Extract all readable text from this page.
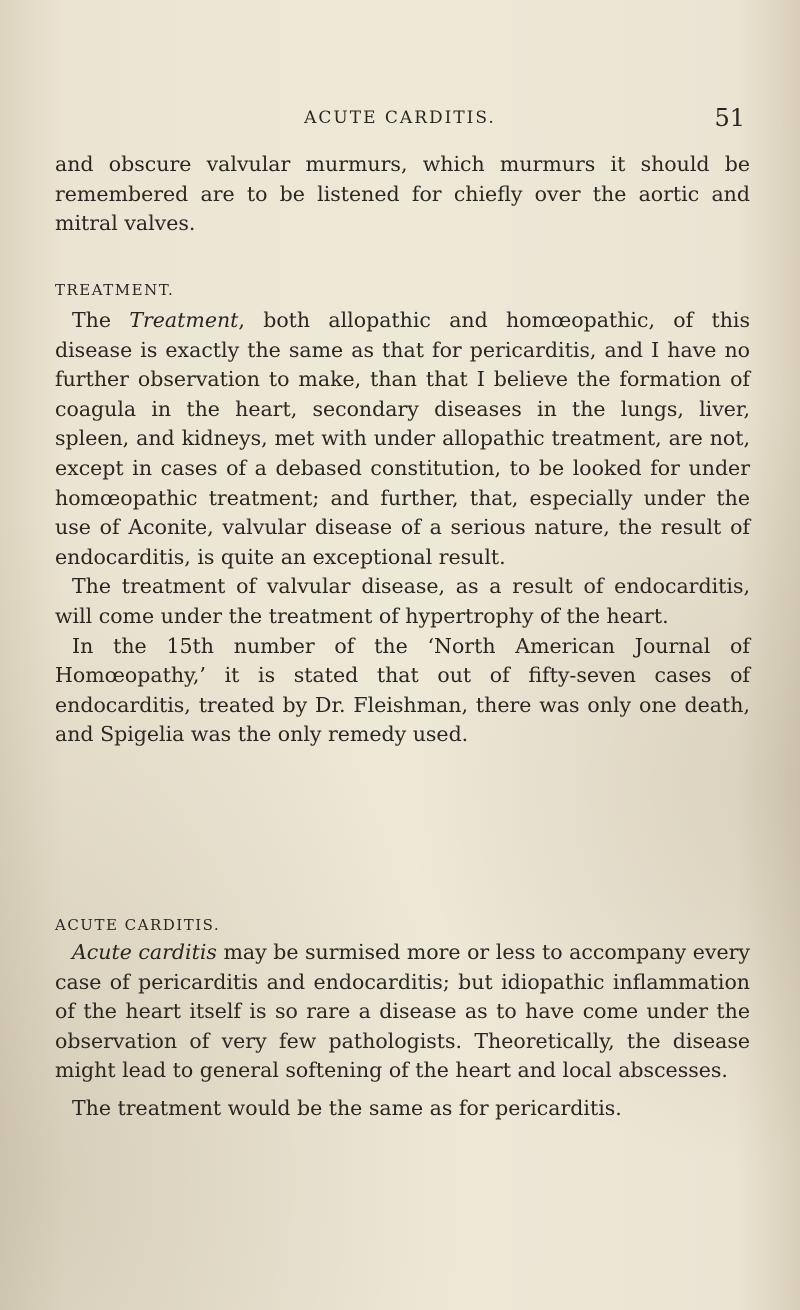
ACUTE CARDITIS.	51

and obscure valvular murmurs, which murmurs it should be remembered are to be listened for chiefly over the aortic and mitral valves.

TREATMENT.

The Treatment, both allopathic and homœopathic, of this disease is exactly the same as that for pericarditis, and I have no further observation to make, than that I believe the formation of coagula in the heart, secondary diseases in the lungs, liver, spleen, and kidneys, met with under allopathic treatment, are not, except in cases of a debased constitution, to be looked for under homœopathic treatment; and further, that, especially under the use of Aconite, valvular disease of a serious nature, the result of endocarditis, is quite an exceptional result.

The treatment of valvular disease, as a result of endocarditis, will come under the treatment of hypertrophy of the heart.

In the 15th number of the ‘North American Journal of Homœopathy,’ it is stated that out of fifty-seven cases of endocarditis, treated by Dr. Fleishman, there was only one death, and Spigelia was the only remedy used.

ACUTE CARDITIS.

Acute carditis may be surmised more or less to accompany every case of pericarditis and endocarditis; but idiopathic inflammation of the heart itself is so rare a disease as to have come under the observation of very few pathologists. Theoretically, the disease might lead to general softening of the heart and local abscesses.

The treatment would be the same as for pericarditis.
